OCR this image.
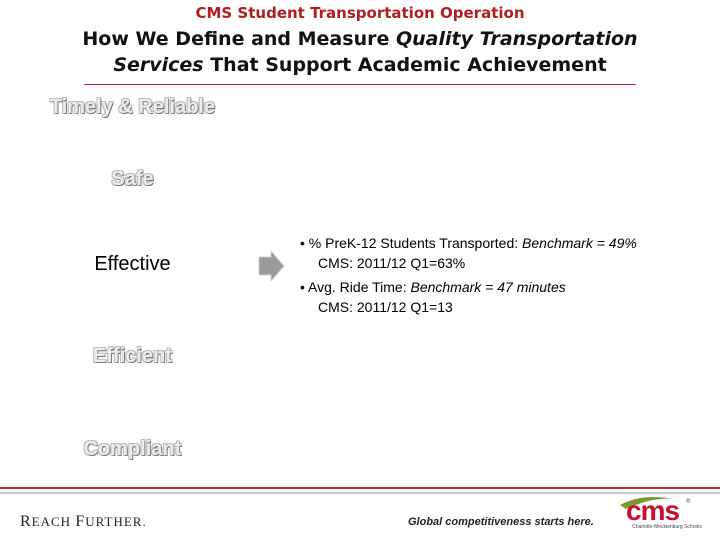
CMS Student Transportation Operation
How We Define and Measure Quality Transportation
Services That Support Academic Achievement
Timely & Reliable
Safe
Effective
Efficient
Compliant
• % PreK-12 Students Transported: Benchmark = 49%
CMS: 2011/12 Q1=63%
• Avg. Ride Time: Benchmark = 47 minutes
CMS: 2011/12 Q1=13
REACH FURTHER.	Global competitiveness starts here. cms ®
Charlotte-Mecklenburg Schools
